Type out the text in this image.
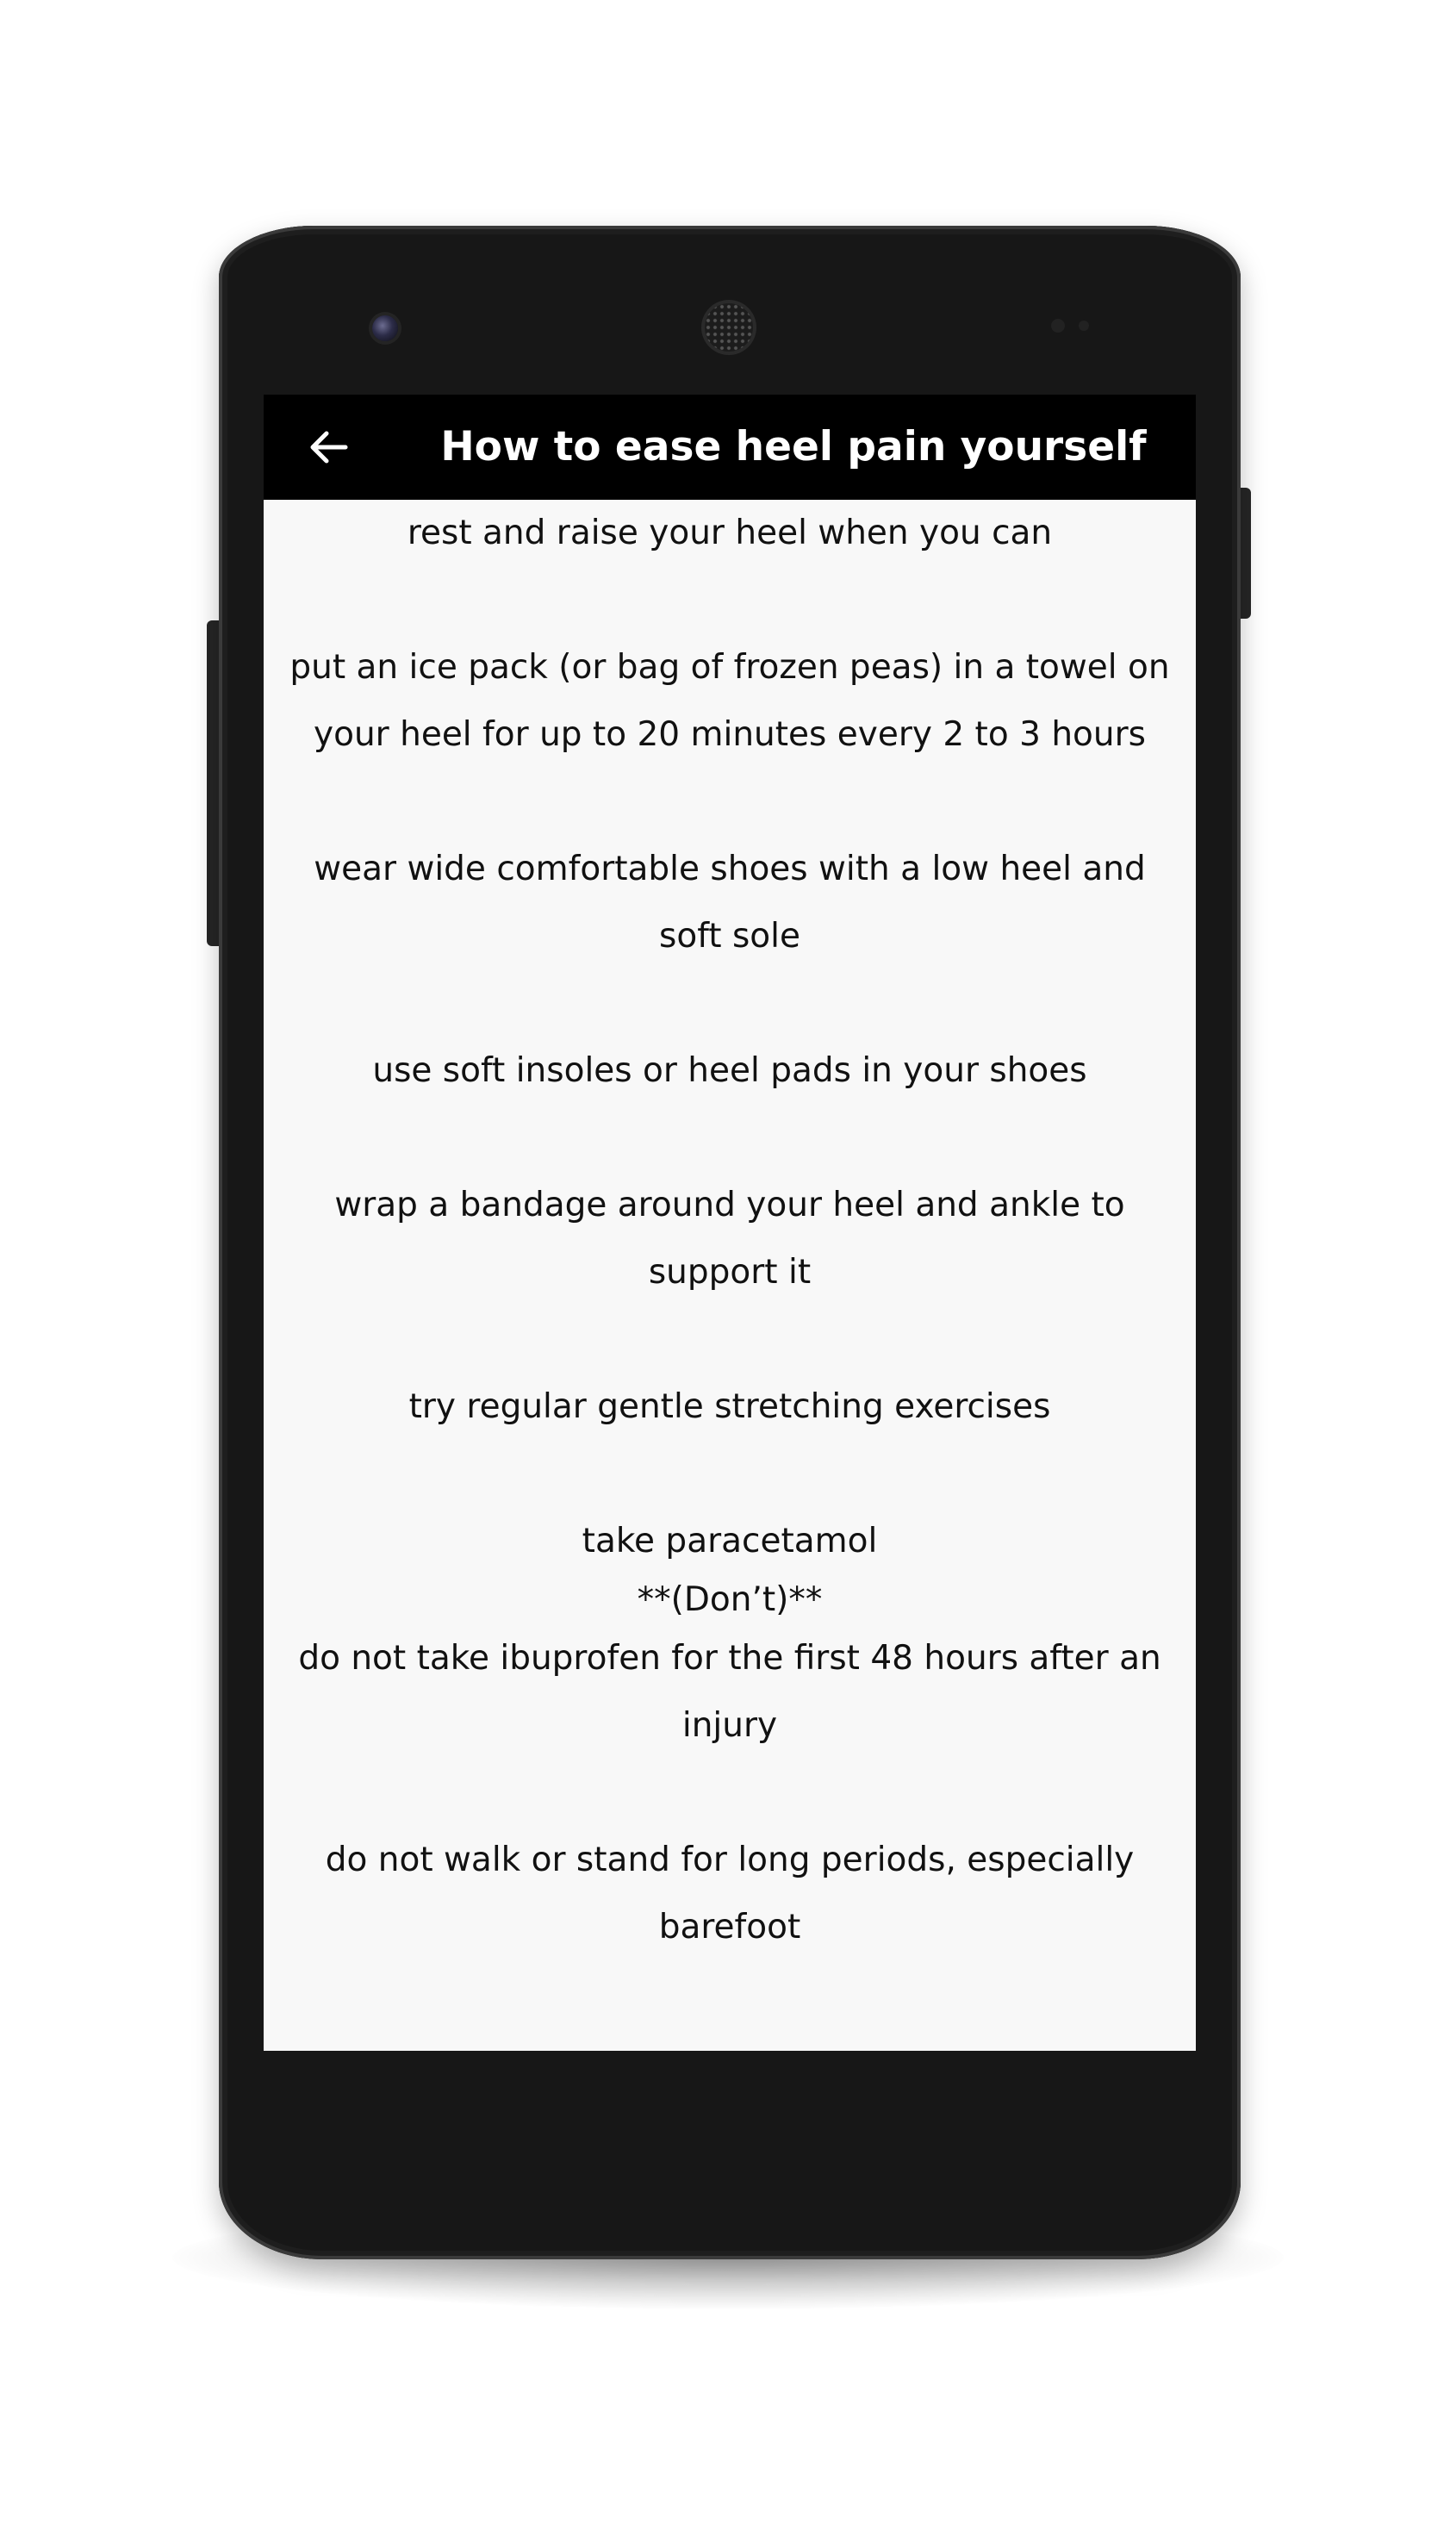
How to ease heel pain yourself

rest and raise your heel when you can

put an ice pack (or bag of frozen peas) in a towel on your heel for up to 20 minutes every 2 to 3 hours

wear wide comfortable shoes with a low heel and soft sole

use soft insoles or heel pads in your shoes

wrap a bandage around your heel and ankle to support it

try regular gentle stretching exercises

take paracetamol

**(Don’t)**

do not take ibuprofen for the first 48 hours after an injury

do not walk or stand for long periods, especially barefoot
